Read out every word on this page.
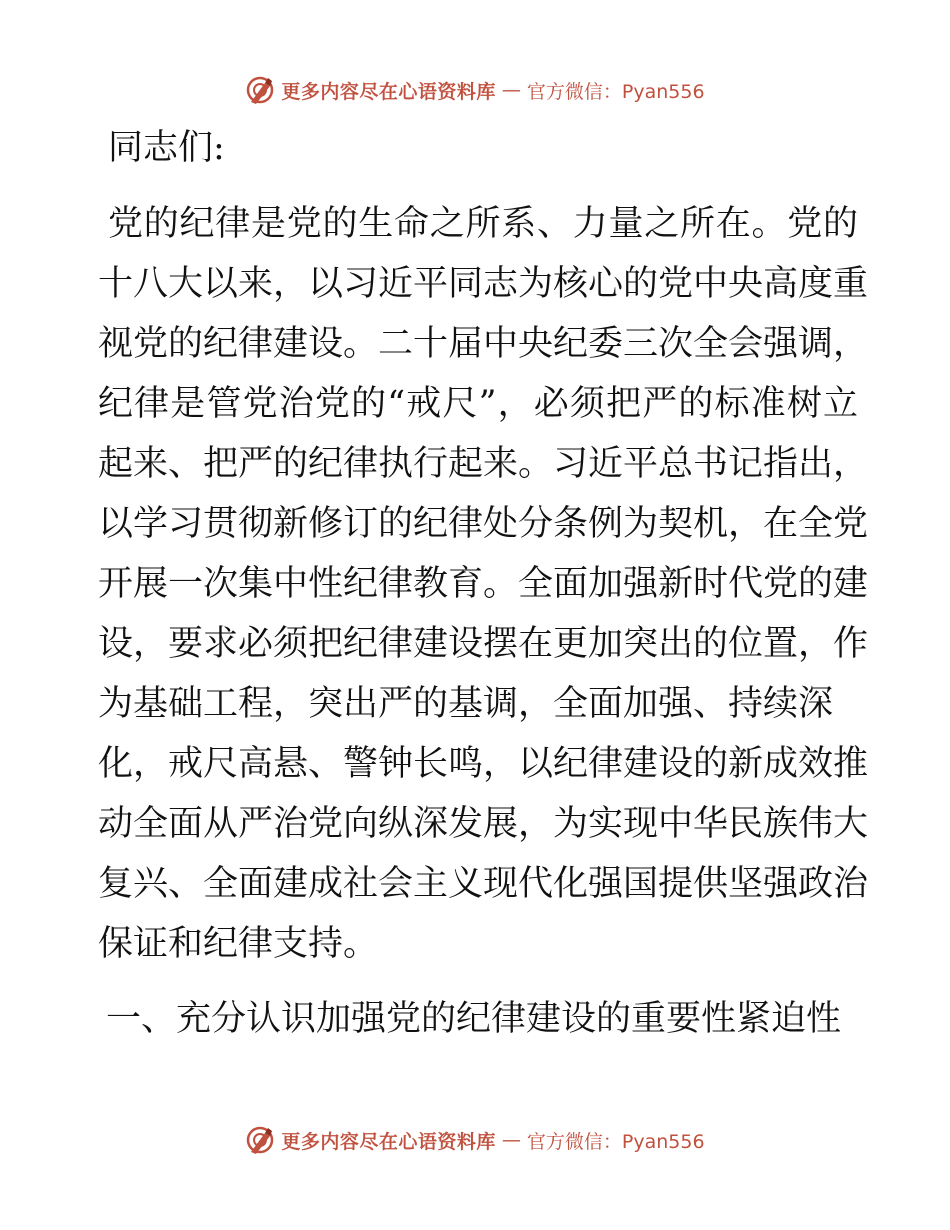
更多内容尽在心语资料库 — 官方微信：Pyan556
同志们:
党的纪律是党的生命之所系、力量之所在。党的
十八大以来，以习近平同志为核心的党中央高度重
视党的纪律建设。二十届中央纪委三次全会强调，
纪律是管党治党的“戒尺”，必须把严的标准树立
起来、把严的纪律执行起来。习近平总书记指出，
以学习贯彻新修订的纪律处分条例为契机，在全党
开展一次集中性纪律教育。全面加强新时代党的建
设，要求必须把纪律建设摆在更加突出的位置，作
为基础工程，突出严的基调，全面加强、持续深
化，戒尺高悬、警钟长鸣，以纪律建设的新成效推
动全面从严治党向纵深发展，为实现中华民族伟大
复兴、全面建成社会主义现代化强国提供坚强政治
保证和纪律支持。
一、充分认识加强党的纪律建设的重要性紧迫性
更多内容尽在心语资料库 — 官方微信：Pyan556
